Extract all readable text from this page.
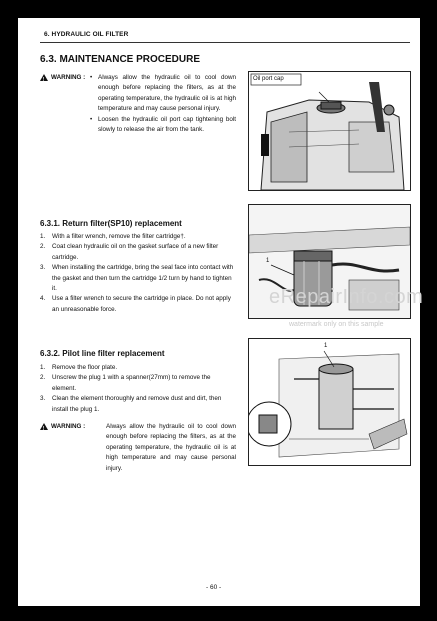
6. HYDRAULIC OIL FILTER
6.3. MAINTENANCE PROCEDURE
!
WARNING : • Always allow the hydraulic oil to cool down enough before replacing the filters, as at the operating temperature, the hydraulic oil is at high temperature and may cause personal injury.
• Loosen the hydraulic oil port cap tightening bolt slowly to release the air from the tank.
Oil port cap
6.3.1. Return filter(SP10) replacement
1.	With a filter wrench, remove the filter cartridge†.
2.	Coat clean hydraulic oil on the gasket surface of a new filter cartridge.
3.	When installing the cartridge, bring the seal face into contact with the gasket and then turn the cartridge 1/2 turn by hand to tighten it.
4.	Use a filter wrench to secure the cartridge in place. Do not apply an unreasonable force.
1
eRepairInfo.com
watermark only on this sample
6.3.2. Pilot line filter replacement
1.	Remove the floor plate.
2.	Unscrew the plug 1 with a spanner(27mm) to remove the element.
3.	Clean the element thoroughly and remove dust and dirt, then install the plug 1.
1
!
WARNING :	Always allow the hydraulic oil to cool down enough before replacing the filters, as at the operating temperature, the hydraulic oil is at high temperature and may cause personal injury.
- 60 -
